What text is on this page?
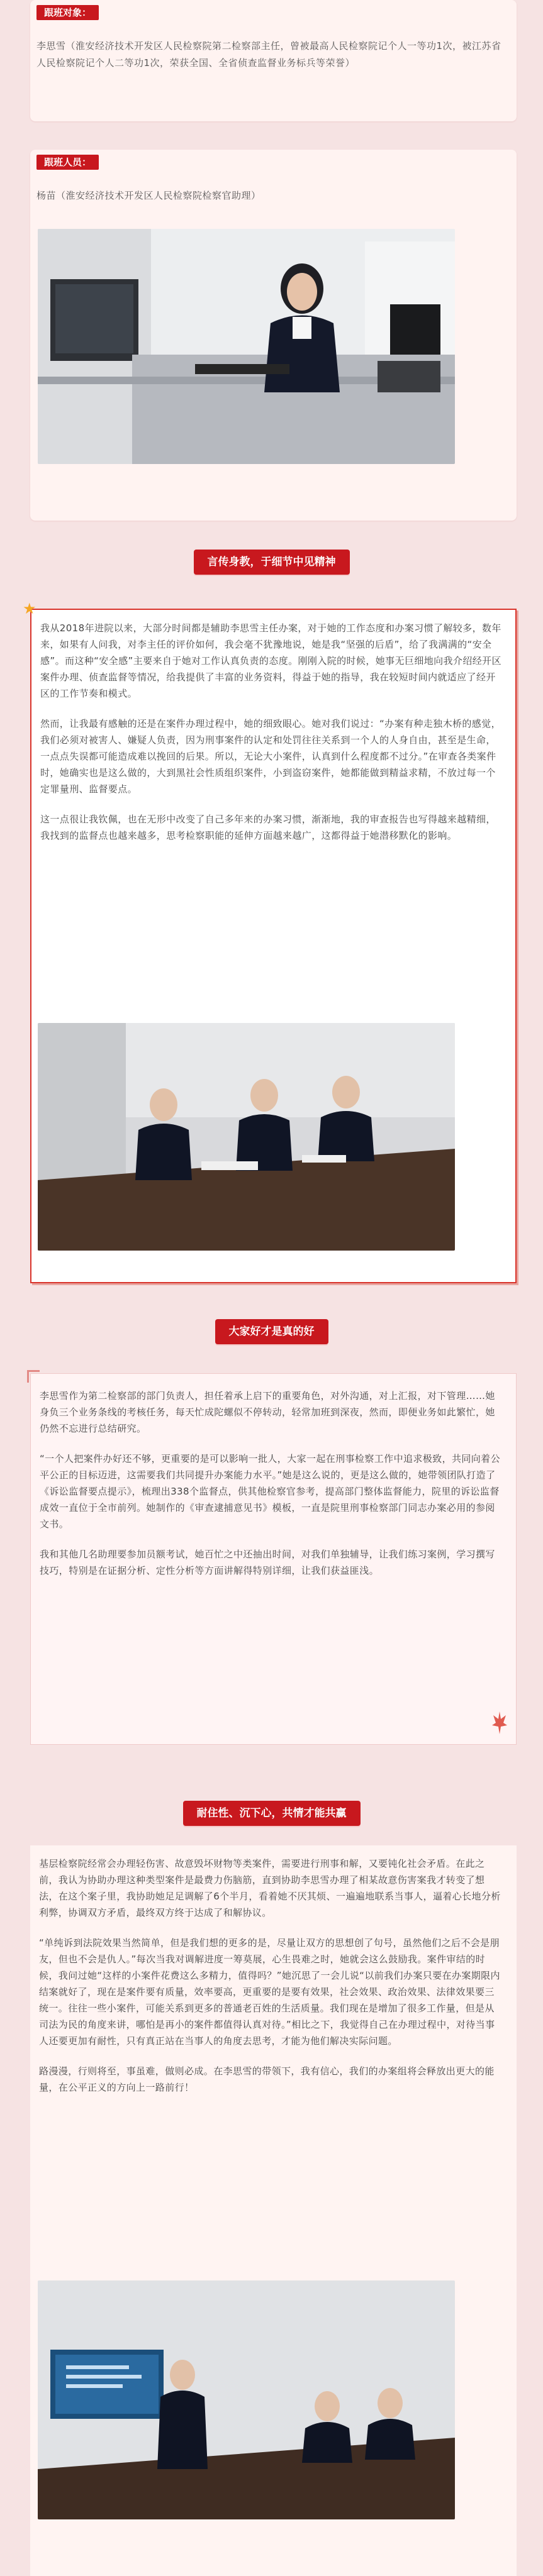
跟班对象：
李思雪（淮安经济技术开发区人民检察院第二检察部主任，曾被最高人民检察院记个人一等功1次，被江苏省人民检察院记个人二等功1次，荣获全国、全省侦查监督业务标兵等荣誉）
跟班人员：
杨苗（淮安经济技术开发区人民检察院检察官助理）
言传身教，于细节中见精神
★
我从2018年进院以来，大部分时间都是辅助李思雪主任办案，对于她的工作态度和办案习惯了解较多，数年来，如果有人问我，对李主任的评价如何，我会毫不犹豫地说，她是我“坚强的后盾”，给了我满满的“安全感”。而这种“安全感”主要来自于她对工作认真负责的态度。刚刚入院的时候，她事无巨细地向我介绍经开区案件办理、侦查监督等情况，给我提供了丰富的业务资料，得益于她的指导，我在较短时间内就适应了经开区的工作节奏和模式。
然而，让我最有感触的还是在案件办理过程中，她的细致眼心。她对我们说过：“办案有种走独木桥的感觉，我们必须对被害人、嫌疑人负责，因为刑事案件的认定和处罚往往关系到一个人的人身自由，甚至是生命，一点点失误都可能造成难以挽回的后果。所以，无论大小案件，认真到什么程度都不过分。”在审查各类案件时，她确实也是这么做的，大到黑社会性质组织案件，小到盗窃案件，她都能做到精益求精，不放过每一个定罪量刑、监督要点。
这一点很让我钦佩，也在无形中改变了自己多年来的办案习惯，渐渐地，我的审查报告也写得越来越精细，我找到的监督点也越来越多，思考检察职能的延伸方面越来越广，这都得益于她潜移默化的影响。
大家好才是真的好
李思雪作为第二检察部的部门负责人，担任着承上启下的重要角色，对外沟通，对上汇报，对下管理……她身负三个业务条线的考核任务，每天忙成陀螺似不停转动，轻常加班到深夜，然而，即便业务如此繁忙，她仍然不忘进行总结研究。
“一个人把案件办好还不够，更重要的是可以影响一批人，大家一起在刑事检察工作中追求极致，共同向着公平公正的目标迈进，这需要我们共同提升办案能力水平。”她是这么说的，更是这么做的，她带领团队打造了《诉讼监督要点提示》，梳理出338个监督点，供其他检察官参考，提高部门整体监督能力，院里的诉讼监督成效一直位于全市前列。她制作的《审查逮捕意见书》模板，一直是院里刑事检察部门同志办案必用的参阅文书。
我和其他几名助理要参加员额考试，她百忙之中还抽出时间，对我们单独辅导，让我们练习案例，学习撰写技巧，特别是在证据分析、定性分析等方面讲解得特别详细，让我们获益匪浅。
耐住性、沉下心，共情才能共赢
基层检察院经常会办理轻伤害、故意毁坏财物等类案件，需要进行刑事和解，又要钝化社会矛盾。在此之前，我认为协助办理这种类型案件是最费力伤脑筋，直到协助李思雪办理了相某故意伤害案我才转变了想法，在这个案子里，我协助她足足调解了6个半月，看着她不厌其烦、一遍遍地联系当事人，逼着心长地分析利弊，协调双方矛盾，最终双方终于达成了和解协议。
“单纯诉到法院效果当然简单，但是我们想的更多的是，尽量让双方的思想创了句号，虽然他们之后不会是朋友，但也不会是仇人。”每次当我对调解进度一筹莫展，心生畏难之时，她就会这么鼓励我。案件审结的时候，我问过她“这样的小案件花费这么多精力，值得吗？”她沉思了一会儿说“以前我们办案只要在办案期限内结案就好了，现在是案件要有质量，效率要高，更重要的是要有效果，社会效果、政治效果、法律效果要三统一。往往一些小案件，可能关系到更多的普通老百姓的生活质量。我们现在是增加了很多工作量，但是从司法为民的角度来讲，哪怕是再小的案件都值得认真对待。”相比之下，我觉得自己在办理过程中，对待当事人还要更加有耐性，只有真正站在当事人的角度去思考，才能为他们解决实际问题。
路漫漫，行则将至，事虽难，做则必成。在李思雪的带领下，我有信心，我们的办案组将会释放出更大的能量，在公平正义的方向上一路前行！
